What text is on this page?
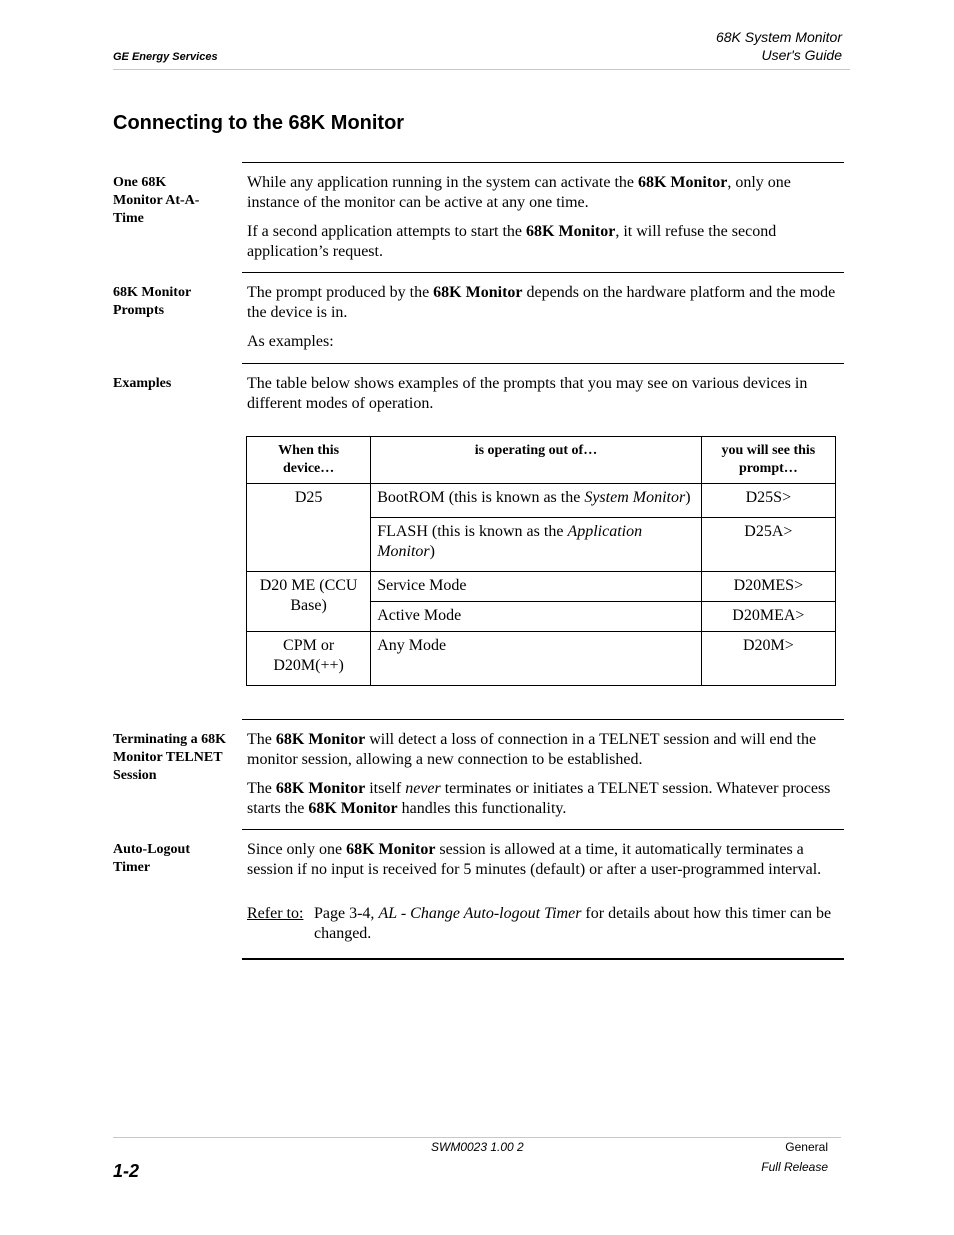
GE Energy Services
68K System Monitor
User's Guide
Connecting to the 68K Monitor
One 68K Monitor At-A-Time

While any application running in the system can activate the 68K Monitor, only one instance of the monitor can be active at any one time.

If a second application attempts to start the 68K Monitor, it will refuse the second application’s request.

68K Monitor Prompts

The prompt produced by the 68K Monitor depends on the hardware platform and the mode the device is in.

As examples:

Examples	The table below shows examples of the prompts that you may see on various devices in different modes of operation.

When this device…	is operating out of…	you will see this prompt…
D25	BootROM (this is known as the System Monitor)	D25S>
	FLASH (this is known as the Application Monitor)	D25A>
D20 ME (CCU Base)	Service Mode	D20MES>
	Active Mode	D20MEA>
CPM or D20M(++)	Any Mode	D20M>
Terminating a 68K Monitor TELNET Session

The 68K Monitor will detect a loss of connection in a TELNET session and will end the monitor session, allowing a new connection to be established.

The 68K Monitor itself never terminates or initiates a TELNET session. Whatever process starts the 68K Monitor handles this functionality.

Auto-Logout Timer

Since only one 68K Monitor session is allowed at a time, it automatically terminates a session if no input is received for 5 minutes (default) or after a user-programmed interval.

Refer to: Page 3-4, AL - Change Auto-logout Timer for details about how this timer can be changed.
SWM0023 1.00 2
1-2
General
Full Release
